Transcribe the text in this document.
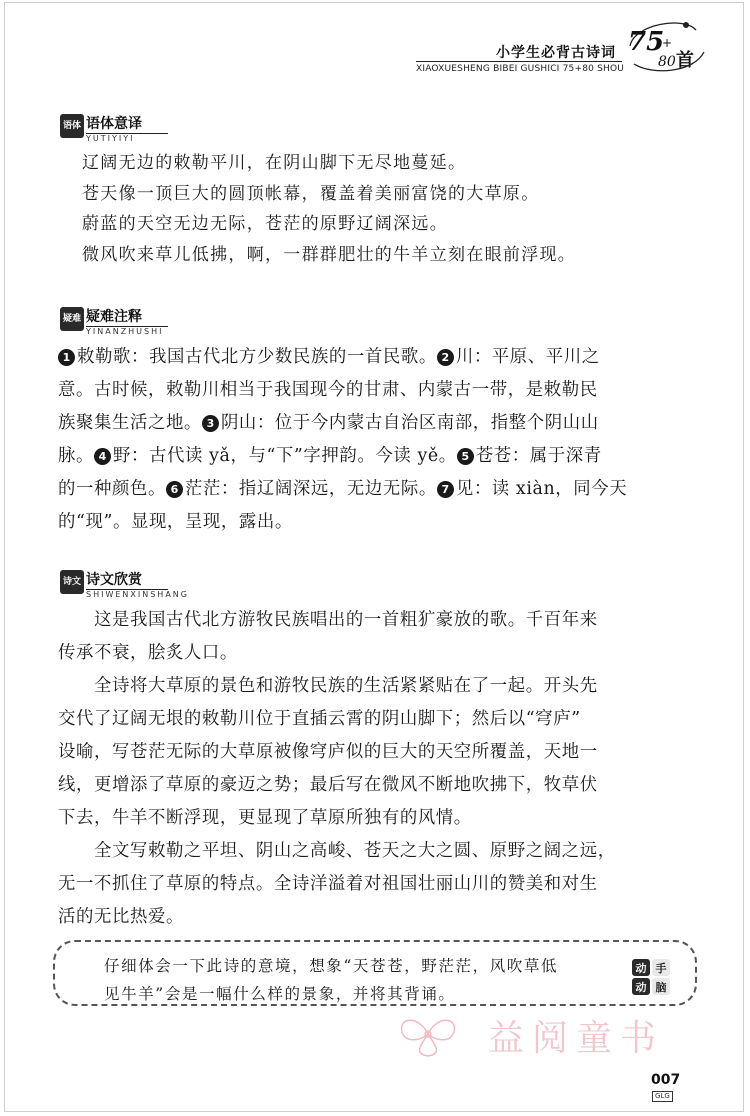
小学生必背古诗词 75
+
80 首
XIAOXUESHENG BIBEI GUSHICI 75+80 SHOU
语体 语体意译
YUTIYIYI
辽阔无边的敕勒平川，在阴山脚下无尽地蔓延。
苍天像一顶巨大的圆顶帐幕，覆盖着美丽富饶的大草原。
蔚蓝的天空无边无际，苍茫的原野辽阔深远。
微风吹来草儿低拂，啊，一群群肥壮的牛羊立刻在眼前浮现。
疑难 疑难注释
YINANZHUSHI
1 敕勒歌：我国古代北方少数民族的一首民歌。 2 川：平原、平川之
意。古时候，敕勒川相当于我国现今的甘肃、内蒙古一带，是敕勒民
族聚集生活之地。 3 阴山：位于今内蒙古自治区南部，指整个阴山山
脉。 4 野：古代读 yǎ，与“下”字押韵。今读 yě。 5 苍苍：属于深青
的一种颜色。 6 茫茫：指辽阔深远，无边无际。 7 见：读 xiàn，同今天
的“现”。显现，呈现，露出。
诗文 诗文欣赏
SHIWENXINSHANG
　　这是我国古代北方游牧民族唱出的一首粗犷豪放的歌。千百年来
传承不衰，脍炙人口。
　　全诗将大草原的景色和游牧民族的生活紧紧贴在了一起。开头先
交代了辽阔无垠的敕勒川位于直插云霄的阴山脚下；然后以“穹庐”
设喻，写苍茫无际的大草原被像穹庐似的巨大的天空所覆盖，天地一
线，更增添了草原的豪迈之势；最后写在微风不断地吹拂下，牧草伏
下去，牛羊不断浮现，更显现了草原所独有的风情。
　　全文写敕勒之平坦、阴山之高峻、苍天之大之圆、原野之阔之远，
无一不抓住了草原的特点。全诗洋溢着对祖国壮丽山川的赞美和对生
活的无比热爱。
仔细体会一下此诗的意境，想象“天苍苍，野茫茫，风吹草低
见牛羊”会是一幅什么样的景象，并将其背诵。
动 手
动 脑
益阅童书
007
GLG
